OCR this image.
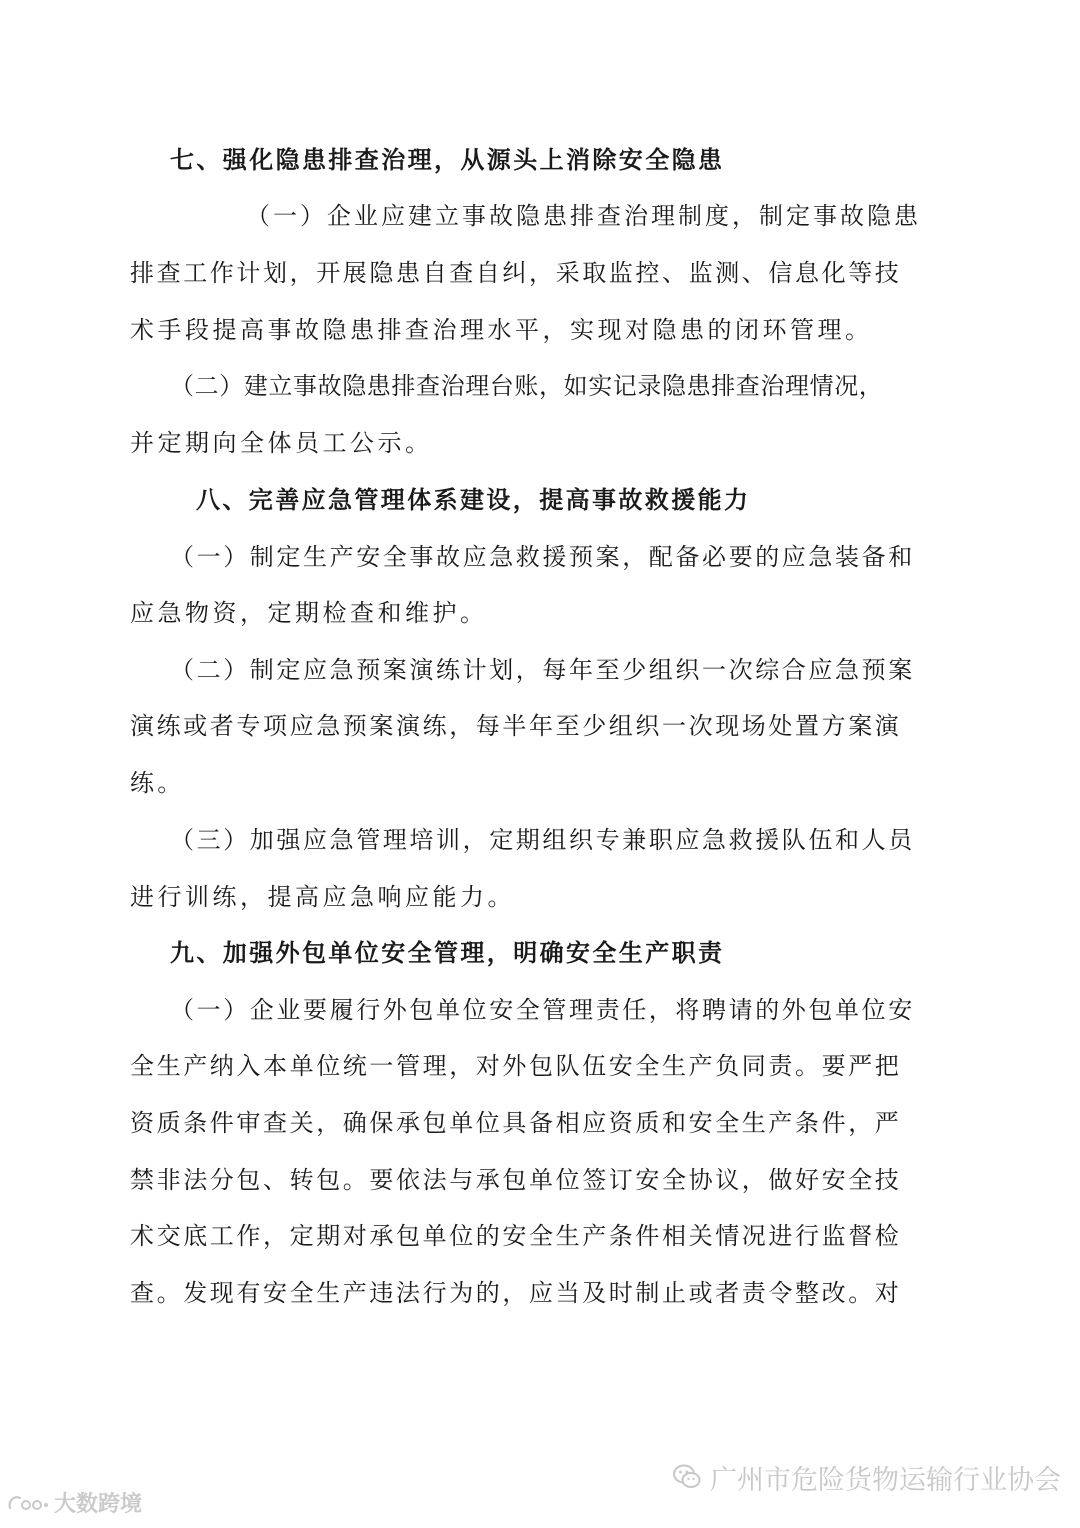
七、强化隐患排查治理，从源头上消除安全隐患
（一）企业应建立事故隐患排查治理制度，制定事故隐患
排查工作计划，开展隐患自查自纠，采取监控、监测、信息化等技
术手段提高事故隐患排查治理水平，实现对隐患的闭环管理。
（二）建立事故隐患排查治理台账，如实记录隐患排查治理情况，
并定期向全体员工公示。
八、完善应急管理体系建设，提高事故救援能力
（一）制定生产安全事故应急救援预案，配备必要的应急装备和
应急物资，定期检查和维护。
（二）制定应急预案演练计划，每年至少组织一次综合应急预案
演练或者专项应急预案演练，每半年至少组织一次现场处置方案演
练。
（三）加强应急管理培训，定期组织专兼职应急救援队伍和人员
进行训练，提高应急响应能力。
九、加强外包单位安全管理，明确安全生产职责
（一）企业要履行外包单位安全管理责任，将聘请的外包单位安
全生产纳入本单位统一管理，对外包队伍安全生产负同责。要严把
资质条件审查关，确保承包单位具备相应资质和安全生产条件，严
禁非法分包、转包。要依法与承包单位签订安全协议，做好安全技
术交底工作，定期对承包单位的安全生产条件相关情况进行监督检
查。发现有安全生产违法行为的，应当及时制止或者责令整改。对
广州市危险货物运输行业协会
大数跨境
